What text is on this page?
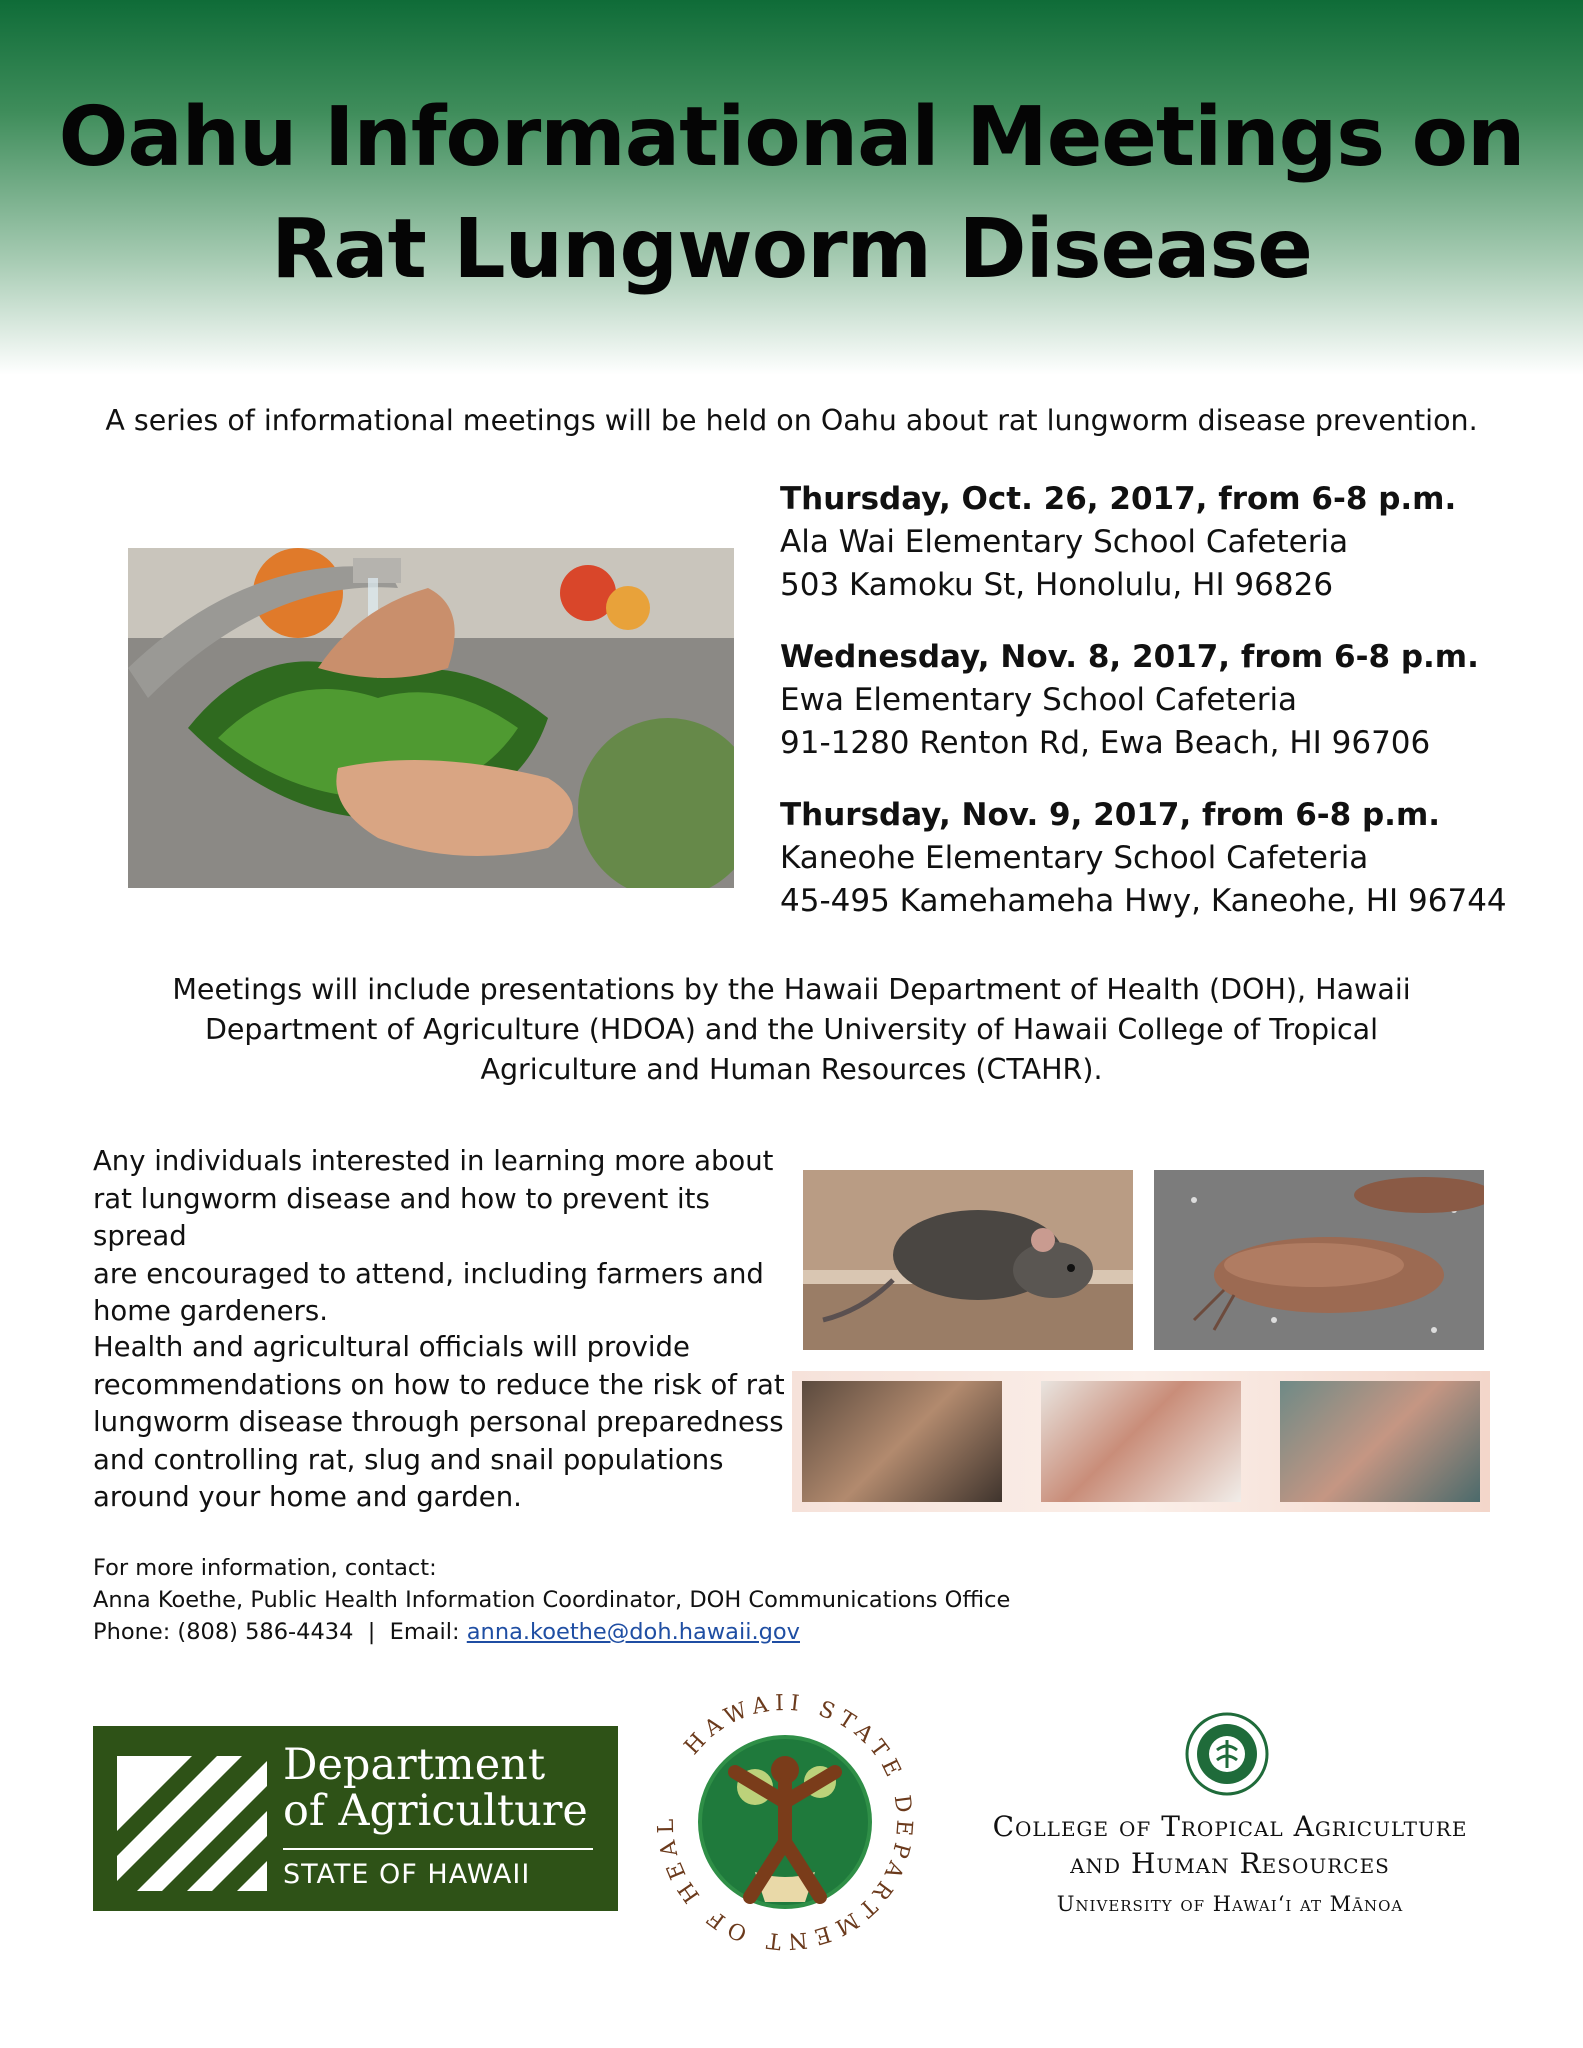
Oahu Informational Meetings on
Rat Lungworm Disease
A series of informational meetings will be held on Oahu about rat lungworm disease prevention.
Thursday, Oct. 26, 2017, from 6-8 p.m.
Ala Wai Elementary School Cafeteria
503 Kamoku St, Honolulu, HI 96826
Wednesday, Nov. 8, 2017, from 6-8 p.m.
Ewa Elementary School Cafeteria
91-1280 Renton Rd, Ewa Beach, HI 96706
Thursday, Nov. 9, 2017, from 6-8 p.m.
Kaneohe Elementary School Cafeteria
45-495 Kamehameha Hwy, Kaneohe, HI 96744
Meetings will include presentations by the Hawaii Department of Health (DOH), Hawaii
Department of Agriculture (HDOA) and the University of Hawaii College of Tropical
Agriculture and Human Resources (CTAHR).
Any individuals interested in learning more about
rat lungworm disease and how to prevent its spread
are encouraged to attend, including farmers and
home gardeners.
Health and agricultural officials will provide
recommendations on how to reduce the risk of rat
lungworm disease through personal preparedness
and controlling rat, slug and snail populations
around your home and garden.
For more information, contact:
Anna Koethe, Public Health Information Coordinator, DOH Communications Office
Phone: (808) 586-4434  |  Email: anna.koethe@doh.hawaii.gov
Department
of Agriculture
STATE OF HAWAII
HAWAII STATE DEPARTMENT OF HEAL	College of Tropical Agriculture
and Human Resources
University of Hawaiʻi at Mānoa
